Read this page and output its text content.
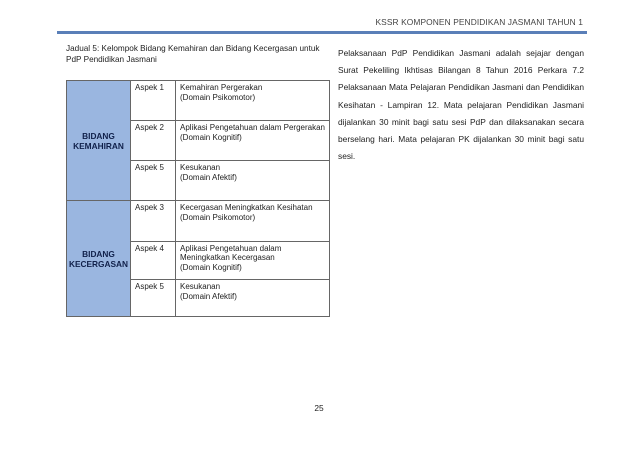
KSSR KOMPONEN PENDIDIKAN JASMANI TAHUN 1
Jadual 5: Kelompok Bidang Kemahiran dan Bidang Kecergasan untuk PdP Pendidikan Jasmani
BIDANG KEMAHIRAN	Aspek 1	Kemahiran Pergerakan
(Domain Psikomotor)

	Aspek 2	Aplikasi Pengetahuan dalam Pergerakan
(Domain Kognitif)

	Aspek 5	Kesukanan
(Domain Afektif)

BIDANG KECERGASAN	Aspek 3	Kecergasan Meningkatkan Kesihatan
(Domain Psikomotor)

	Aspek 4	Aplikasi Pengetahuan dalam Meningkatkan Kecergasan
(Domain Kognitif)

	Aspek 5	Kesukanan
(Domain Afektif)
Pelaksanaan PdP Pendidikan Jasmani adalah sejajar dengan Surat Pekeliling Ikhtisas Bilangan 8 Tahun 2016 Perkara 7.2 Pelaksanaan Mata Pelajaran Pendidikan Jasmani dan Pendidikan Kesihatan - Lampiran 12. Mata pelajaran Pendidikan Jasmani dijalankan 30 minit bagi satu sesi PdP dan dilaksanakan secara berselang hari. Mata pelajaran PK dijalankan 30 minit bagi satu sesi.
25
